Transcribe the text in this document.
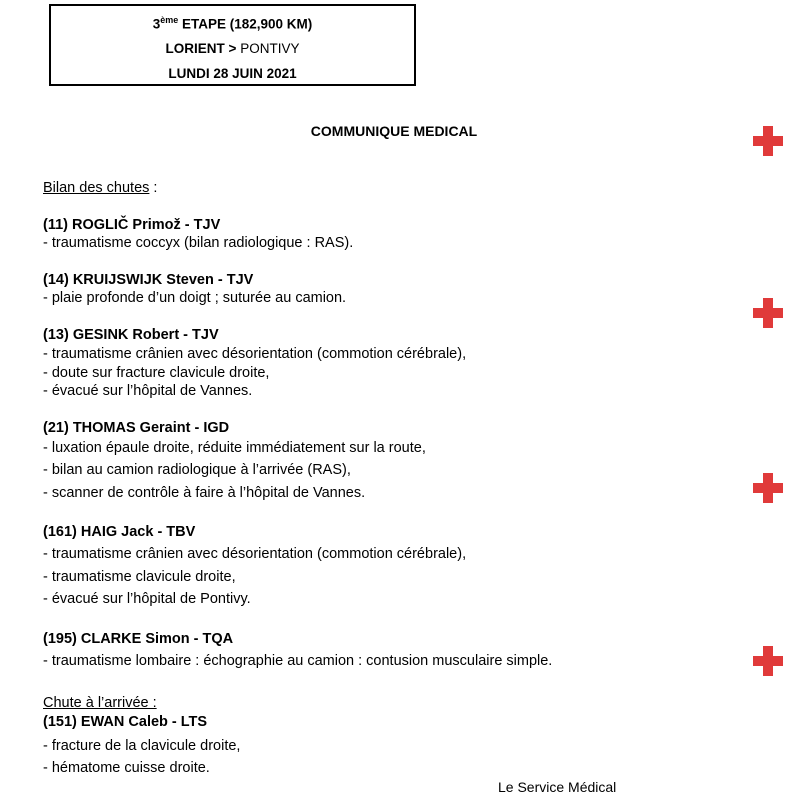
3ème ETAPE (182,900 KM)
LORIENT > PONTIVY
LUNDI 28 JUIN 2021
COMMUNIQUE MEDICAL
Bilan des chutes :
(11) ROGLIČ Primož - TJV
- traumatisme coccyx (bilan radiologique : RAS).
(14) KRUIJSWIJK Steven - TJV
- plaie profonde d’un doigt ; suturée au camion.
(13) GESINK Robert - TJV
- traumatisme crânien avec désorientation (commotion cérébrale),
- doute sur fracture clavicule droite,
- évacué sur l’hôpital de Vannes.
(21) THOMAS Geraint - IGD
- luxation épaule droite, réduite immédiatement sur la route,
- bilan au camion radiologique à l’arrivée (RAS),
- scanner de contrôle à faire à l’hôpital de Vannes.
(161) HAIG Jack - TBV
- traumatisme crânien avec désorientation (commotion cérébrale),
- traumatisme clavicule droite,
- évacué sur l’hôpital de Pontivy.
(195) CLARKE Simon - TQA
- traumatisme lombaire : échographie au camion : contusion musculaire simple.
Chute à l’arrivée :
(151) EWAN Caleb - LTS
- fracture de la clavicule droite,
- hématome cuisse droite.
Le Service Médical
